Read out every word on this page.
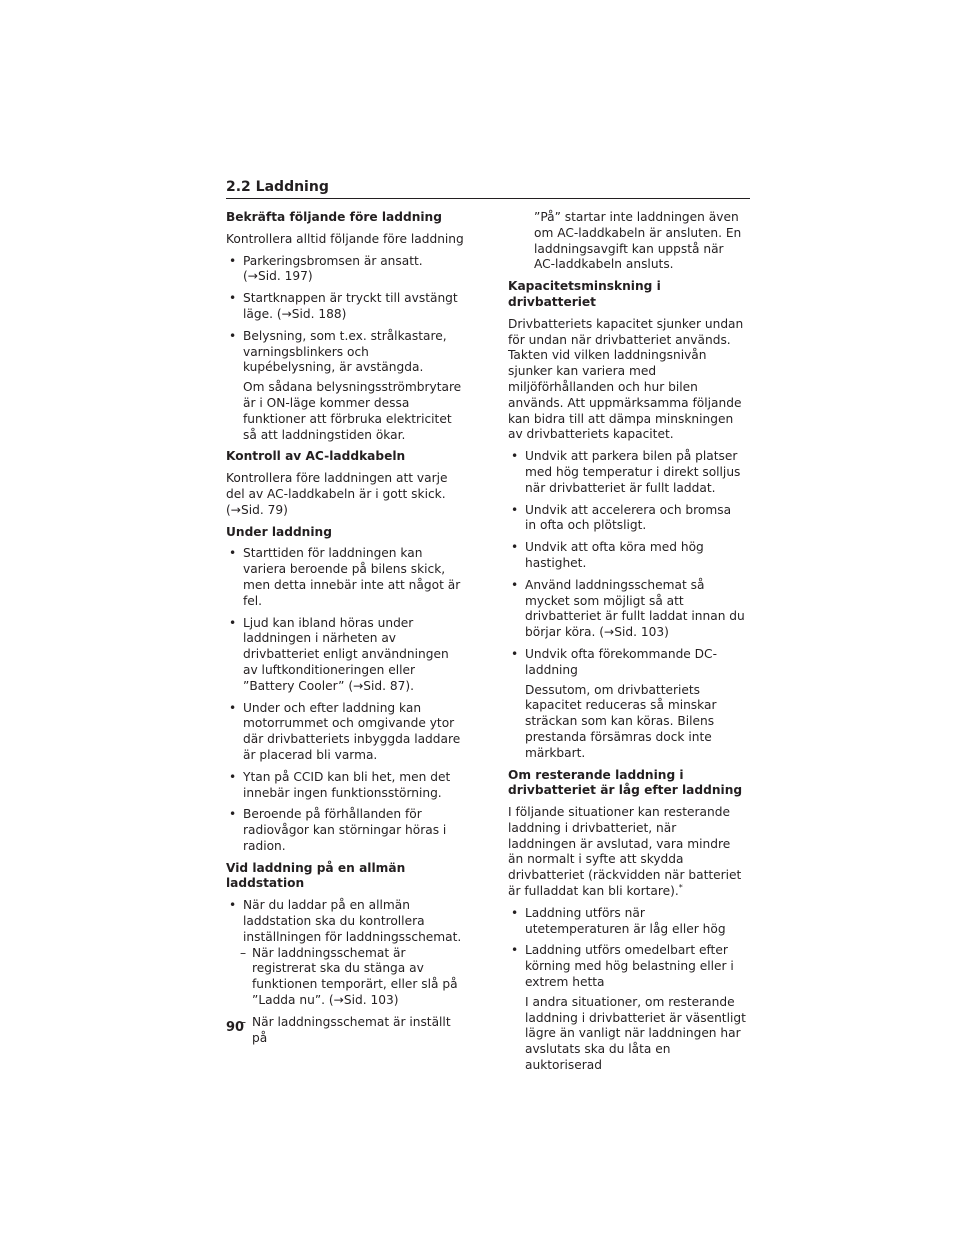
2.2 Laddning

Bekräfta följande före laddning

Kontrollera alltid följande före laddning

• Parkeringsbromsen är ansatt. (→Sid. 197)
• Startknappen är tryckt till avstängt läge. (→Sid. 188)

• Belysning, som t.ex. strålkastare, varningsblinkers och kupébelysning, är avstängda.

Om sådana belysningsströmbrytare är i ON-läge kommer dessa funktioner att förbruka elektricitet så att laddningstiden ökar.

Kontroll av AC-laddkabeln

Kontrollera före laddningen att varje del av AC-laddkabeln är i gott skick. (→Sid. 79)

Under laddning

• Starttiden för laddningen kan variera beroende på bilens skick, men detta innebär inte att något är fel.
• Ljud kan ibland höras under laddningen i närheten av drivbatteriet enligt användningen av luftkonditioneringen eller ”Battery Cooler” (→Sid. 87).
• Under och efter laddning kan motorrummet och omgivande ytor där drivbatteriets inbyggda laddare är placerad bli varma.
• Ytan på CCID kan bli het, men det innebär ingen funktionsstörning.
• Beroende på förhållanden för radiovågor kan störningar höras i radion.

Vid laddning på en allmän laddstation

• När du laddar på en allmän laddstation ska du kontrollera inställningen för laddningsschemat.

– När laddningsschemat är registrerat ska du stänga av funktionen temporärt, eller slå på ”Ladda nu”. (→Sid. 103)

– När laddningsschemat är inställt på

”På” startar inte laddningen även om AC-laddkabeln är ansluten. En laddningsavgift kan uppstå när AC-laddkabeln ansluts.

Kapacitetsminskning i drivbatteriet

Drivbatteriets kapacitet sjunker undan för undan när drivbatteriet används. Takten vid vilken laddningsnivån sjunker kan variera med miljöförhållanden och hur bilen används. Att uppmärksamma följande kan bidra till att dämpa minskningen av drivbatteriets kapacitet.

• Undvik att parkera bilen på platser med hög temperatur i direkt solljus när drivbatteriet är fullt laddat.
• Undvik att accelerera och bromsa in ofta och plötsligt.
• Undvik att ofta köra med hög hastighet.
• Använd laddningsschemat så mycket som möjligt så att drivbatteriet är fullt laddat innan du börjar köra. (→Sid. 103)

• Undvik ofta förekommande DC-laddning

Dessutom, om drivbatteriets kapacitet reduceras så minskar sträckan som kan köras. Bilens prestanda försämras dock inte märkbart.

Om resterande laddning i drivbatteriet är låg efter laddning

I följande situationer kan resterande laddning i drivbatteriet, när laddningen är avslutad, vara mindre än normalt i syfte att skydda drivbatteriet (räckvidden när batteriet är fulladdat kan bli kortare).*

• Laddning utförs när utetemperaturen är låg eller hög

• Laddning utförs omedelbart efter körning med hög belastning eller i extrem hetta

I andra situationer, om resterande laddning i drivbatteriet är väsentligt lägre än vanligt när laddningen har avslutats ska du låta en auktoriserad

90
